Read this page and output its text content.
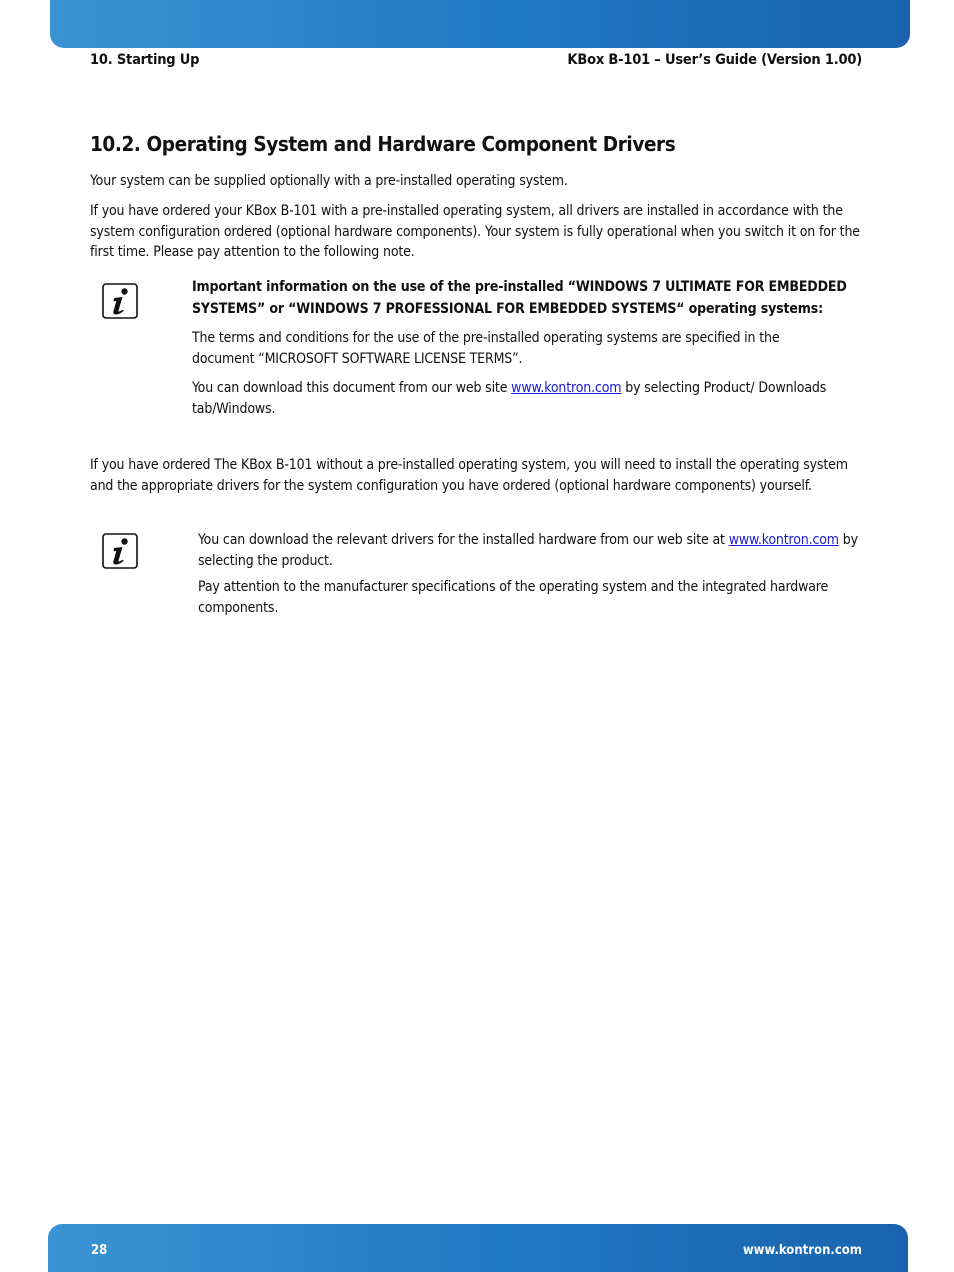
10. Starting Up	KBox B-101 – User’s Guide (Version 1.00)
10.2. Operating System and Hardware Component Drivers

Your system can be supplied optionally with a pre-installed operating system.

If you have ordered your KBox B-101 with a pre-installed operating system, all drivers are installed in accordance with the system configuration ordered (optional hardware components). Your system is fully operational when you switch it on for the first time. Please pay attention to the following note.

Important information on the use of the pre-installed “WINDOWS 7 ULTIMATE FOR EMBEDDED SYSTEMS” or “WINDOWS 7 PROFESSIONAL FOR EMBEDDED SYSTEMS“ operating systems:

The terms and conditions for the use of the pre-installed operating systems are specified in the document “MICROSOFT SOFTWARE LICENSE TERMS”.

You can download this document from our web site www.kontron.com by selecting Product/ Downloads tab/Windows.

If you have ordered The KBox B-101 without a pre-installed operating system, you will need to install the operating system and the appropriate drivers for the system configuration you have ordered (optional hardware components) yourself.

You can download the relevant drivers for the installed hardware from our web site at www.kontron.com by selecting the product.

Pay attention to the manufacturer specifications of the operating system and the integrated hardware components.

28	www.kontron.com
